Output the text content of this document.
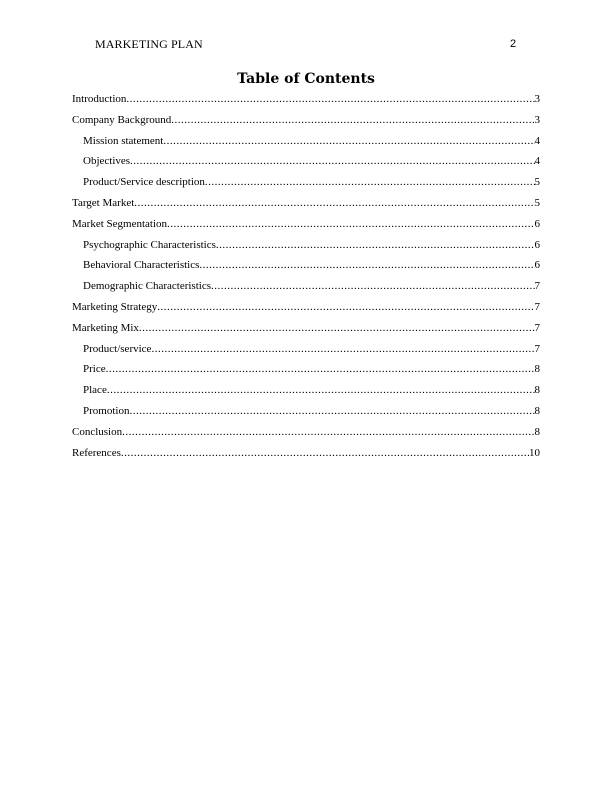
MARKETING PLAN	2
Table of Contents
Introduction .....	3
Company Background .....	3
Mission statement .....	4
Objectives .....	4
Product/Service description .....	5
Target Market .....	5
Market Segmentation .....	6
Psychographic Characteristics .....	6
Behavioral Characteristics .....	6
Demographic Characteristics .....	7
Marketing Strategy .....	7
Marketing Mix .....	7
Product/service .....	7
Price .....	8
Place .....	8
Promotion .....	8
Conclusion .....	8
References .....	10
